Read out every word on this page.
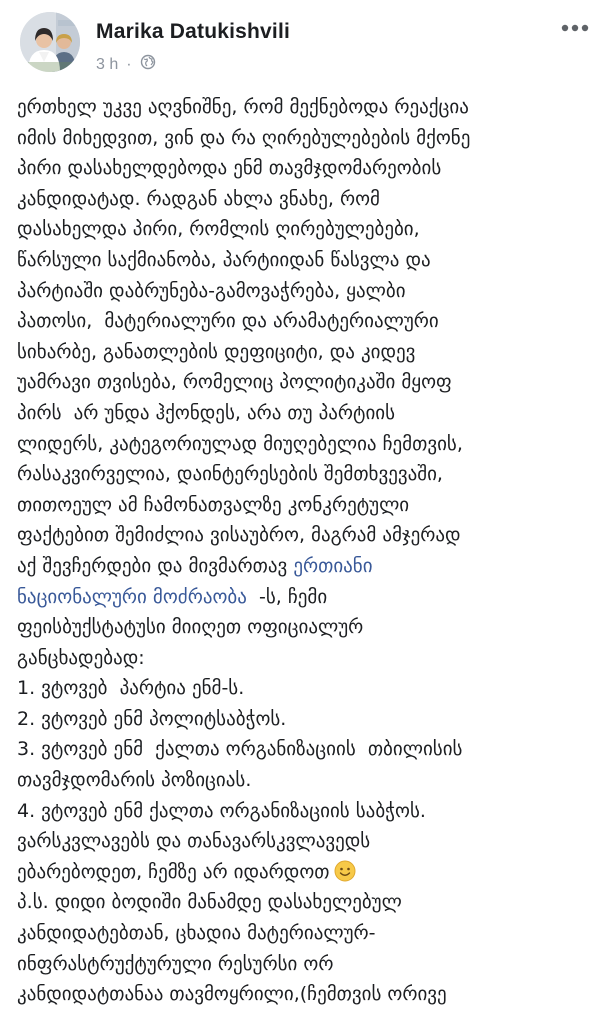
Marika Datukishvili
3 h ·
ერთხელ უკვე აღვნიშნე, რომ მექნებოდა რეაქცია
იმის მიხედვით, ვინ და რა ღირებულებების მქონე
პირი დასახელდებოდა ენმ თავმჯდომარეობის
კანდიდატად. რადგან ახლა ვნახე, რომ
დასახელდა პირი, რომლის ღირებულებები,
წარსული საქმიანობა, პარტიიდან წასვლა და
პარტიაში დაბრუნება-გამოვაჭრება, ყალბი
პათოსი,  მატერიალური და არამატერიალური
სიხარბე, განათლების დეფიციტი, და კიდევ
უამრავი თვისება, რომელიც პოლიტიკაში მყოფ
პირს  არ უნდა ჰქონდეს, არა თუ პარტიის
ლიდერს, კატეგორიულად მიუღებელია ჩემთვის,
რასაკვირველია, დაინტერესების შემთხვევაში,
თითოეულ ამ ჩამონათვალზე კონკრეტული
ფაქტებით შემიძლია ვისაუბრო, მაგრამ ამჯერად
აქ შევჩერდები და მივმართავ ერთიანი
ნაციონალური მოძრაობა  -ს, ჩემი
ფეისბუქსტატუსი მიიღეთ ოფიციალურ
განცხადებად:
1. ვტოვებ  პარტია ენმ-ს.
2. ვტოვებ ენმ პოლიტსაბჭოს.
3. ვტოვებ ენმ  ქალთა ორგანიზაციის  თბილისის
თავმჯდომარის პოზიციას.
4. ვტოვებ ენმ ქალთა ორგანიზაციის საბჭოს.
ვარსკვლავებს და თანავარსკვლავედს
ებარებოდეთ, ჩემზე არ იდარდოთ
პ.ს. დიდი ბოდიში მანამდე დასახელებულ
კანდიდატებთან, ცხადია მატერიალურ-
ინფრასტრუქტურული რესურსი ორ
კანდიდატთანაა თავმოყრილი,(ჩემთვის ორივე
